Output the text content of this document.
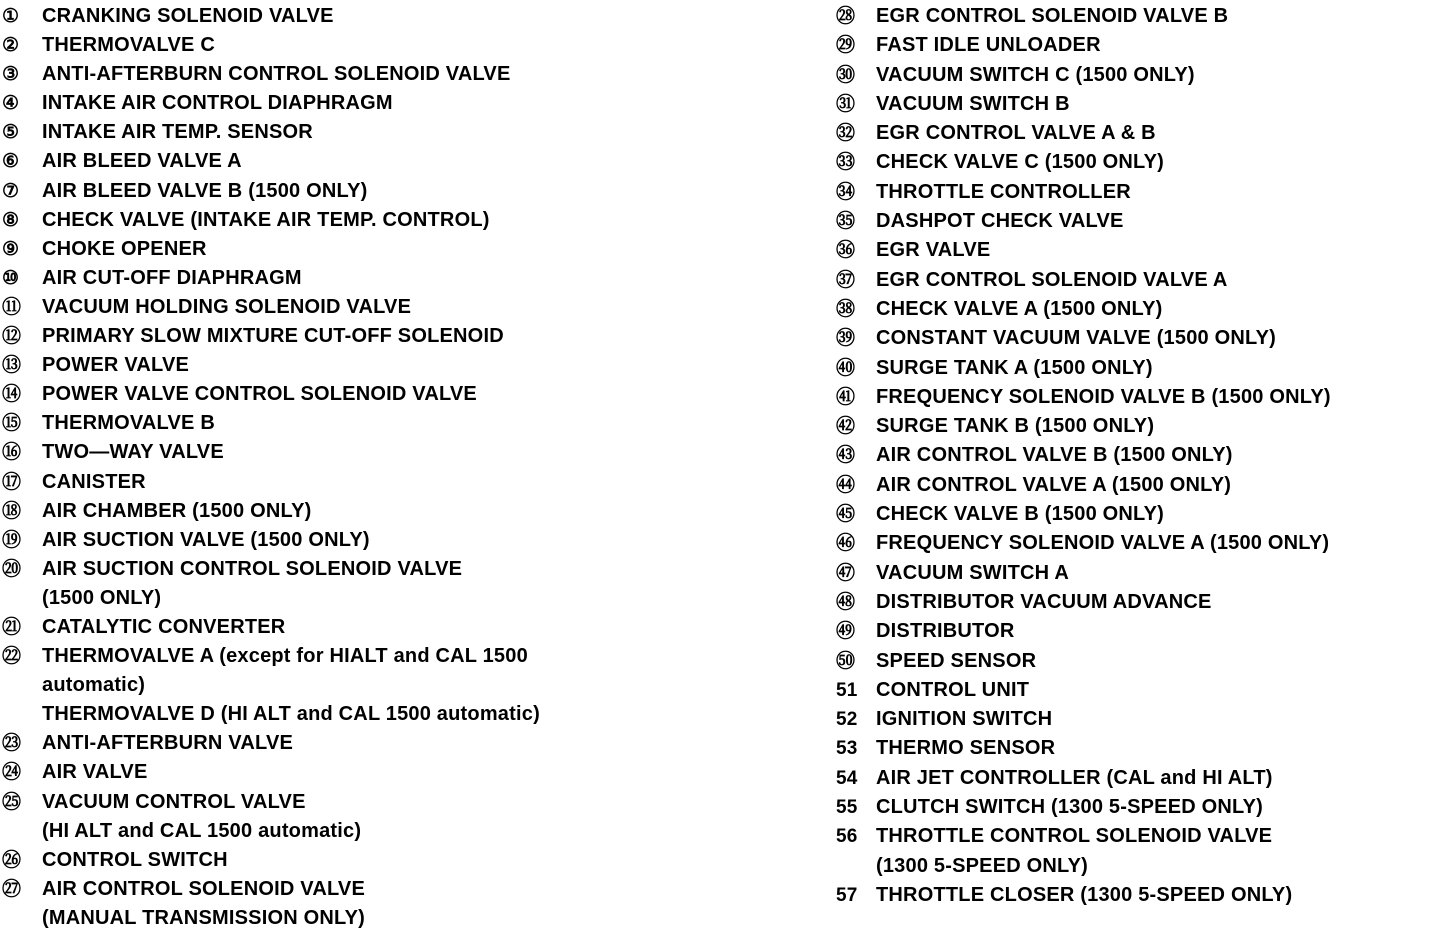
①	CRANKING SOLENOID VALVE
②	THERMOVALVE C
③	ANTI-AFTERBURN CONTROL SOLENOID VALVE
④	INTAKE AIR CONTROL DIAPHRAGM
⑤	INTAKE AIR TEMP. SENSOR
⑥	AIR BLEED VALVE A
⑦	AIR BLEED VALVE B (1500 ONLY)
⑧	CHECK VALVE (INTAKE AIR TEMP. CONTROL)
⑨	CHOKE OPENER
⑩	AIR CUT-OFF DIAPHRAGM
⑪	VACUUM HOLDING SOLENOID VALVE
⑫	PRIMARY SLOW MIXTURE CUT-OFF SOLENOID
⑬	POWER VALVE
⑭	POWER VALVE CONTROL SOLENOID VALVE
⑮	THERMOVALVE B
⑯	TWO—WAY VALVE
⑰	CANISTER
⑱	AIR CHAMBER (1500 ONLY)
⑲	AIR SUCTION VALVE (1500 ONLY)
⑳	AIR SUCTION CONTROL SOLENOID VALVE
(1500 ONLY)
㉑	CATALYTIC CONVERTER
㉒	THERMOVALVE A (except for HIALT and CAL 1500
automatic)
THERMOVALVE D (HI ALT and CAL 1500 automatic)
㉓	ANTI-AFTERBURN VALVE
㉔	AIR VALVE
㉕	VACUUM CONTROL VALVE
(HI ALT and CAL 1500 automatic)
㉖	CONTROL SWITCH
㉗	AIR CONTROL SOLENOID VALVE
(MANUAL TRANSMISSION ONLY)
㉘	EGR CONTROL SOLENOID VALVE B
㉙	FAST IDLE UNLOADER
㉚	VACUUM SWITCH C (1500 ONLY)
㉛	VACUUM SWITCH B
㉜	EGR CONTROL VALVE A & B
㉝	CHECK VALVE C (1500 ONLY)
㉞	THROTTLE CONTROLLER
㉟	DASHPOT CHECK VALVE
㊱	EGR VALVE
㊲	EGR CONTROL SOLENOID VALVE A
㊳	CHECK VALVE A (1500 ONLY)
㊴	CONSTANT VACUUM VALVE (1500 ONLY)
㊵	SURGE TANK A (1500 ONLY)
㊶	FREQUENCY SOLENOID VALVE B (1500 ONLY)
㊷	SURGE TANK B (1500 ONLY)
㊸	AIR CONTROL VALVE B (1500 ONLY)
㊹	AIR CONTROL VALVE A (1500 ONLY)
㊺	CHECK VALVE B (1500 ONLY)
㊻	FREQUENCY SOLENOID VALVE A (1500 ONLY)
㊼	VACUUM SWITCH A
㊽	DISTRIBUTOR VACUUM ADVANCE
㊾	DISTRIBUTOR
㊿	SPEED SENSOR
51 CONTROL UNIT
52 IGNITION SWITCH
53 THERMO SENSOR
54 AIR JET CONTROLLER (CAL and HI ALT)
55 CLUTCH SWITCH (1300 5-SPEED ONLY)
56 THROTTLE CONTROL SOLENOID VALVE
(1300 5-SPEED ONLY)
57 THROTTLE CLOSER (1300 5-SPEED ONLY)
